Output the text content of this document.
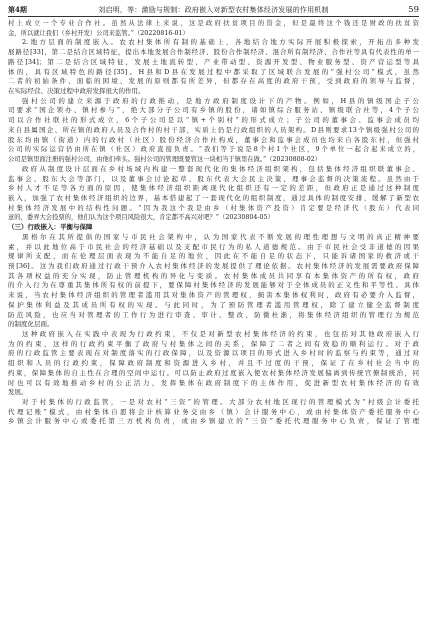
第4期	刘启明，等：激励与规制：政府嵌入对新型农村集体经济发展的作用机制	59
村上成立一个专业合作社。虽然从法律上来说，这是政府扶贫项目的资金，但是最终这个钱还是财政的扶贫资
金，所以就让我们（乡村开发）公司来监管。”（20220816-01）
2.地方层面的制度嵌入。农农村集体所有制的基础上，各地结合地方实际开展积极探索，开拓出多种发
展路径[33]，第二是结合区域特征，提出本地发展合作制经济、股份合作制经济、混合所有制经济、合作社等具有代表性的单一
路径[34]；第二是结合区域特征，发展土地流转型、产业带动型、资源开发型、物业服务型、资产营运型等具
体的，具有区域特色的路径[35]。H县和D县在发展过程中都采取了区域联合发展的“强村公司”模式，虽然
二者的初始条件、面临的困境、发展的原则都有所差异，但都存在高度的政府干预，受到政府的领导与监督，
在实际经营、决策过程中政府发挥很大的作用。
强村公司的建立来源于政府的行政推动，是地方政府制度设计下的产物。例如，H县的镇级国企子公
司要求“国企领办、镇村参与”，绝大部分子公司有乡镇的股份，诸如镇综合服务站、镇级联合社等，4个子公
司以合作社联社的形式成立，6个子公司是以“镇+个别村”的形式成立；子公司的董事会、监事会成员均
来自县属国企、所在镇的政府人员及合作村的村干部，实质上仍是行政组织的人员架构。D县则要求13个镇级强村公司的
股东均由镇（街道）内的行政村（社区）股份经济合作社构成，董事会和监事会成员也均来自各股东村，但强村
公司的实际运营仍由所在镇（社区）政府直接负责。“我们等于说是8个村1个社区，9个单位一起合起来成立的，
公司是镇里面注册的强村公司，由他们牵头。强村公司的管理既要管这一块相当于镇里在做。”（20230808-02）
政府从制度设计层面在乡村场域内构建一整套现代化的集体经济组织架构，包括集体经济组织联董事会、
监事会、股东大会等部门，以及董事会讨论起草、股东代表大会民主决策、理事会监督的决策流程。虽然由于
乡村人才不足等各方面的原因，使集体经济组织距离现代化组织还有一定的差距，但政府正是通过这种制度
嵌入，加强了农村集体经济组织的边界，基本搭建起了一套现代化的组织制度，通过具体的制度安排，缓解了新型农
村集体经济发展中的结构性问题。“因为我这个我是由乡（村集体资产投资）肯定要是经济代（股东）代表同
意的，委弄大会投票的，他们认为这个项目风险很大，肯定都不高兴对吧？”（20230804-05）
（三）行政嵌入：平衡与保障
黑格尔在其所提倡的国家与市民社会架构中，认为国家代表不断发展的理性理想与文明的真正精神要
素，并以此地位高于市民社会的经济基础以及支配市民行为的私人道德规范。由于市民社会受非道德的因果
规律所支配，而在伦理层面表现为不能自足的地位，因此在不能自足的状态下，只能诉诸国家的救济或干
预[36]。这为我们政府通过行政干预介入农村集体经济的发展提供了理论依据。农村集体经济的发展需要政府保障
其各项权益的充分实现，防止管理机构的异化与变质。农村集体成员共同享有本集体资产的所有权，政府
的介入行为在尊重其集体所有权的前提下，要保障村集体经济的发展能够对于全体成员的正义性和平等性。具体
来说，当农村集体经济组织的管理者滥用其对集体资产的管理权，损害本集体权利时，政府有必要介入监督，
保护集体利益及其成员所有权的实现。与此同时，为了预防管理者滥用管理权，除了建立健全监督制度
防范风险，也应当对管理者的工作行为进行审查、审计、整改、防微杜渐，将集体经济组织的管理行为规范
的制度化层面。
这种政府嵌入在实践中表现为行政约束，不仅是对新型农村集体经济的约束，也包括对其他政府嵌入行
为的约束，这样的行政约束平衡了政府与村集体之间的关系，保障了二者之间有效稳的顺利运行。对于政
府的行政监管主要表现在对制度落实的行政保障，以及资源以项目的形式进入乡村时的监察与约束等，通过对
组织和人员的行政约束，保障政府制度和资源进入乡村，并且不过度的干预，保证了在乡村社会当中的
约束，保障集体的自主性在合理的空间中运行。可以防止政府过度嵌入使农村集体经济发展偏离到传统官僚制统治，同
时也可以有效地推动乡村的公正活力，发挥集体在政府制度下的主体作用，促进新型农村集体经济的有效
发展。
对于村集体的行政监管，一是对农村“三资”的管理。大部分农村地区现行的管理模式为“村级会计委托
代理记账”模式，由村集体自愿将会计核算业务交由乡（镇）会计服务中心，或由村集体资产委托服务中心
乡镇会计服务中心或委托第三方机构负责，或由乡镇建立的“三资”委托代理服务中心负责，保证了管理
